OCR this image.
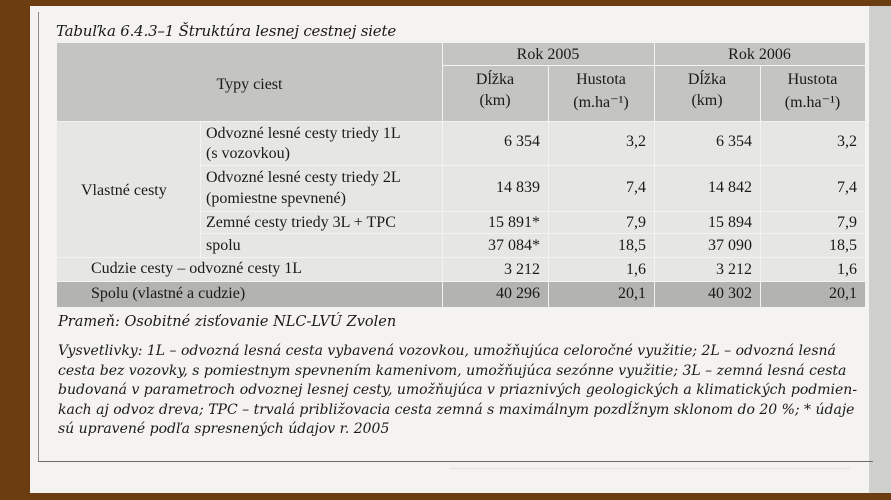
Tabuľka 6.4.3–1 Štruktúra lesnej cestnej siete
Typy ciest
Rok 2005	Rok 2006
Dĺžka
(km)
Hustota
(m.ha⁻¹)
Dĺžka
(km)
Hustota
(m.ha⁻¹)
Vlastné cesty
Prameň: Osobitné zisťovanie NLC-LVÚ Zvolen
Vysvetlivky: 1L – odvozná lesná cesta vybavená vozovkou, umožňujúca celoročné využitie; 2L – odvozná lesná
cesta bez vozovky, s pomiestnym spevnením kamenivom, umožňujúca sezónne využitie; 3L – zemná lesná cesta
budovaná v parametroch odvoznej lesnej cesty, umožňujúca v priaznivých geologických a klimatických podmien-
kach aj odvoz dreva; TPC – trvalá približovacia cesta zemná s maximálnym pozdĺžnym sklonom do 20 %; * údaje
sú upravené podľa spresnených údajov r. 2005
